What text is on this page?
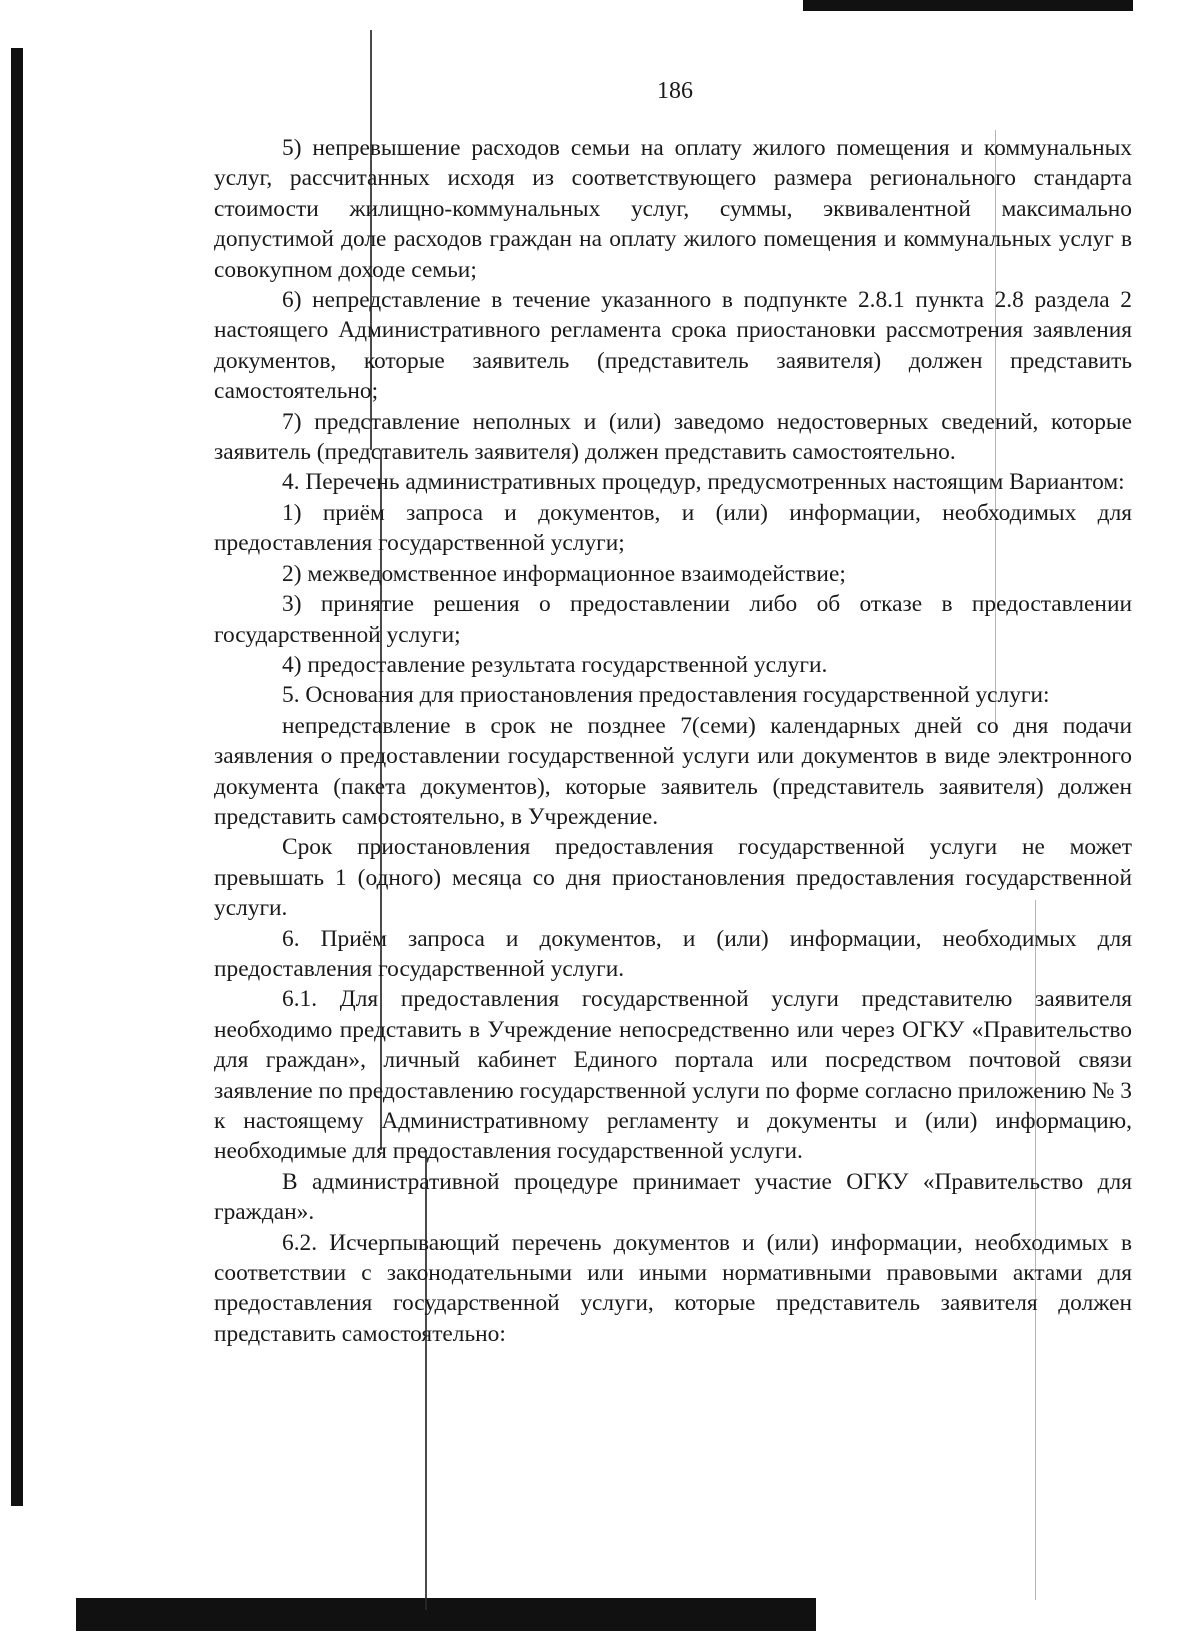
186

5) непревышение расходов семьи на оплату жилого помещения и коммунальных услуг, рассчитанных исходя из соответствующего размера регионального стандарта стоимости жилищно-коммунальных услуг, суммы, эквивалентной максимально допустимой доле расходов граждан на оплату жилого помещения и коммунальных услуг в совокупном доходе семьи;

6) непредставление в течение указанного в подпункте 2.8.1 пункта 2.8 раздела 2 настоящего Административного регламента срока приостановки рассмотрения заявления документов, которые заявитель (представитель заявителя) должен представить самостоятельно;

7) представление неполных и (или) заведомо недостоверных сведений, которые заявитель (представитель заявителя) должен представить самостоятельно.

4. Перечень административных процедур, предусмотренных настоящим Вариантом:

1) приём запроса и документов, и (или) информации, необходимых для предоставления государственной услуги;

2) межведомственное информационное взаимодействие;

3) принятие решения о предоставлении либо об отказе в предоставлении государственной услуги;

4) предоставление результата государственной услуги.

5. Основания для приостановления предоставления государственной услуги:

непредставление в срок не позднее 7(семи) календарных дней со дня подачи заявления о предоставлении государственной услуги или документов в виде электронного документа (пакета документов), которые заявитель (представитель заявителя) должен представить самостоятельно, в Учреждение.

Срок приостановления предоставления государственной услуги не может превышать 1 (одного) месяца со дня приостановления предоставления государственной услуги.

6. Приём запроса и документов, и (или) информации, необходимых для предоставления государственной услуги.

6.1. Для предоставления государственной услуги представителю заявителя необходимо представить в Учреждение непосредственно или через ОГКУ «Правительство для граждан», личный кабинет Единого портала или посредством почтовой связи заявление по предоставлению государственной услуги по форме согласно приложению № 3 к настоящему Административному регламенту и документы и (или) информацию, необходимые для предоставления государственной услуги.

В административной процедуре принимает участие ОГКУ «Правительство для граждан».

6.2. Исчерпывающий перечень документов и (или) информации, необходимых в соответствии с законодательными или иными нормативными правовыми актами для предоставления государственной услуги, которые представитель заявителя должен представить самостоятельно:
